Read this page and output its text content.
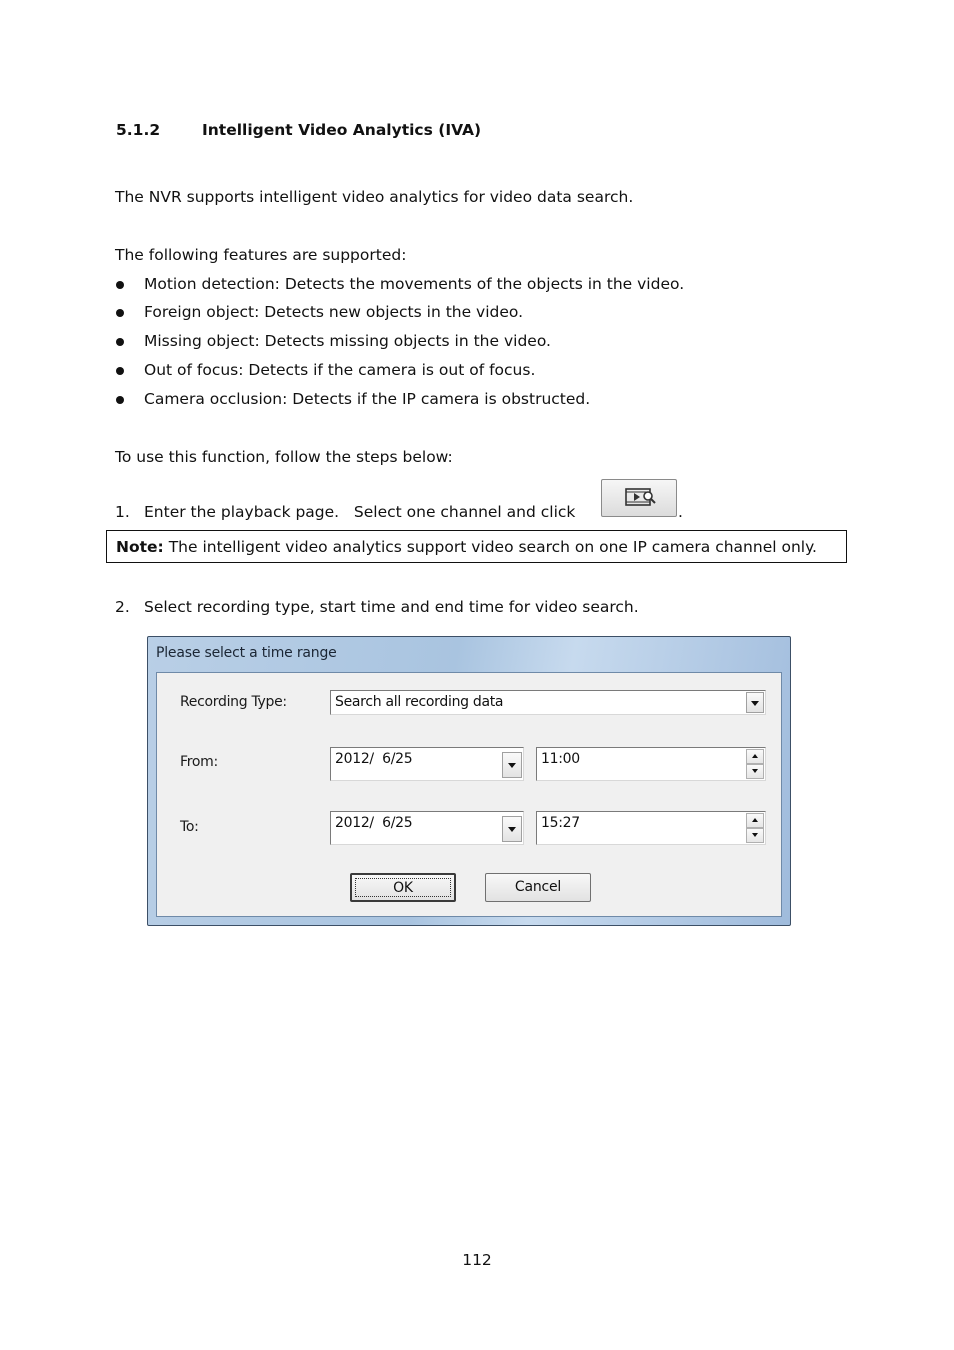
5.1.2	Intelligent Video Analytics (IVA)
The NVR supports intelligent video analytics for video data search.
The following features are supported:
Motion detection: Detects the movements of the objects in the video.
Foreign object: Detects new objects in the video.
Missing object: Detects missing objects in the video.
Out of focus: Detects if the camera is out of focus.
Camera occlusion: Detects if the IP camera is obstructed.
To use this function, follow the steps below:
1. Enter the playback page.   Select one channel and click	.
Note: The intelligent video analytics support video search on one IP camera channel only.
2. Select recording type, start time and end time for video search.
Please select a time range
Recording Type:	Search all recording data
From:	2012/  6/25	11:00
To:	2012/  6/25	15:27
OK	Cancel
112
